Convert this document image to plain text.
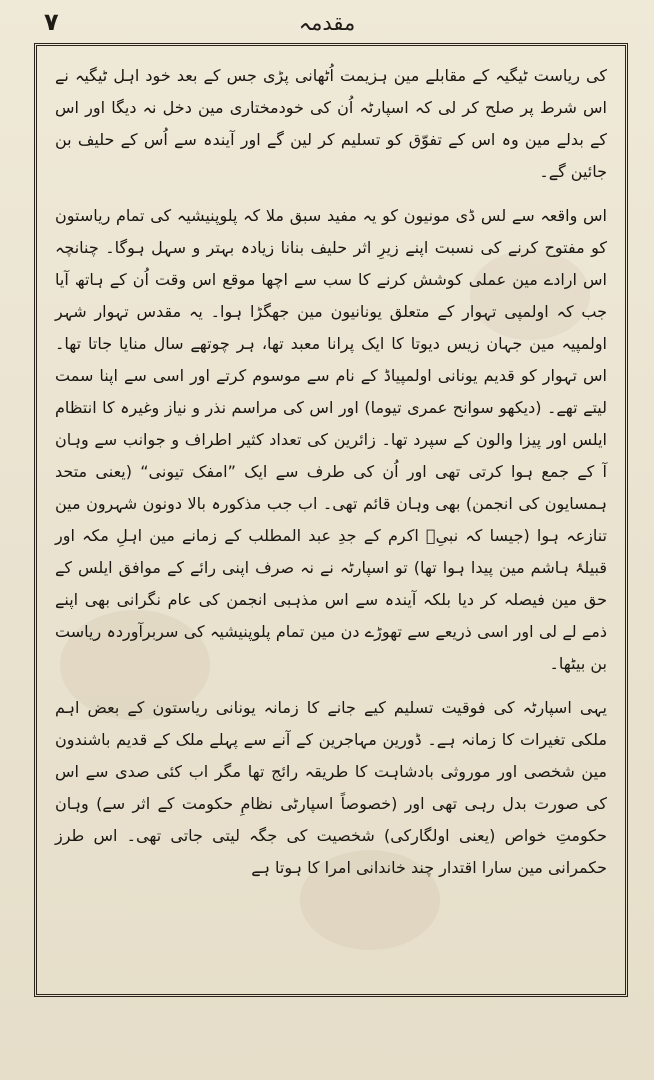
٧	مقدمہ

کی ریاست ٹیگیہ کے مقابلے مین ہزیمت اُٹھانی پڑی جس کے بعد خود اہل ٹیگیہ نے اس شرط پر صلح کر لی کہ اسپارٹہ اُن کی خودمختاری مین دخل نہ دیگا اور اس کے بدلے مین وہ اس کے تفوّق کو تسلیم کر لین گے اور آیندہ سے اُس کے حلیف بن جائین گے۔

اس واقعہ سے لس ڈی مونیون کو یہ مفید سبق ملا کہ پلوپنیشیہ کی تمام ریاستون کو مفتوح کرنے کی نسبت اپنے زیرِ اثر حلیف بنانا زیادہ بہتر و سہل ہوگا۔ چنانچہ اس ارادے مین عملی کوشش کرنے کا سب سے اچھا موقع اس وقت اُن کے ہاتھ آیا جب کہ اولمپی تہوار کے متعلق یونانیون مین جھگڑا ہوا۔ یہ مقدس تہوار شہر اولمپیہ مین جہان زیس دیوتا کا ایک پرانا معبد تھا، ہر چوتھے سال منایا جاتا تھا۔ اس تہوار کو قدیم یونانی اولمپیاڈ کے نام سے موسوم کرتے اور اسی سے اپنا سمت لیتے تھے۔ (دیکھو سوانح عمری تیوما) اور اس کی مراسم نذر و نیاز وغیرہ کا انتظام ایلس اور پیزا والون کے سپرد تھا۔ زائرین کی تعداد کثیر اطراف و جوانب سے وہان آ کے جمع ہوا کرتی تھی اور اُن کی طرف سے ایک ”امفک تیونی“ (یعنی متحد ہمسایون کی انجمن) بھی وہان قائم تھی۔ اب جب مذکورہ بالا دونون شہرون مین تنازعہ ہوا (جیسا کہ نبیِؐ اکرم کے جدِ عبد المطلب کے زمانے مین اہلِ مکہ اور قبیلۂ ہاشم مین پیدا ہوا تھا) تو اسپارٹہ نے نہ صرف اپنی رائے کے موافق ایلس کے حق مین فیصلہ کر دیا بلکہ آیندہ سے اس مذہبی انجمن کی عام نگرانی بھی اپنے ذمے لے لی اور اسی ذریعے سے تھوڑے دن مین تمام پلوپنیشیہ کی سربرآوردہ ریاست بن بیٹھا۔

یہی اسپارٹہ کی فوقیت تسلیم کیے جانے کا زمانہ یونانی ریاستون کے بعض اہم ملکی تغیرات کا زمانہ ہے۔ ڈورین مہاجرین کے آنے سے پہلے ملک کے قدیم باشندون مین شخصی اور موروثی بادشاہت کا طریقہ رائج تھا مگر اب کئی صدی سے اس کی صورت بدل رہی تھی اور (خصوصاً اسپارٹی نظامِ حکومت کے اثر سے) وہان حکومتِ خواص (یعنی اولگارکی) شخصیت کی جگہ لیتی جاتی تھی۔ اس طرز حکمرانی مین سارا اقتدار چند خاندانی امرا کا ہوتا ہے
